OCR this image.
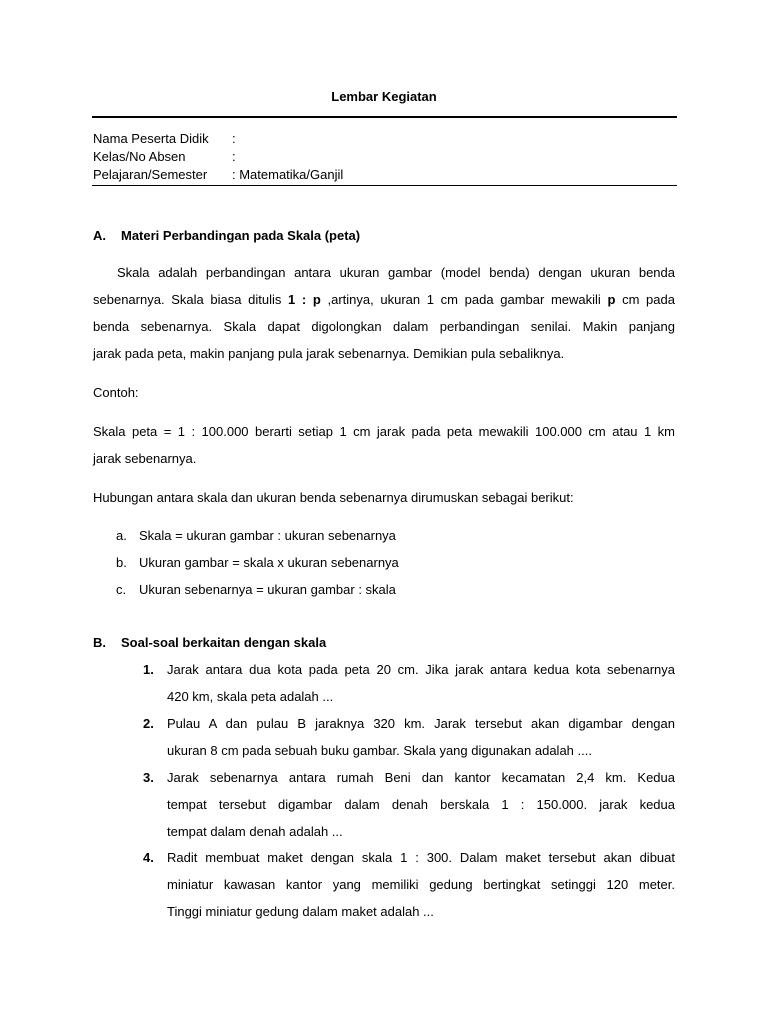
Lembar Kegiatan
Nama Peserta Didik :
Kelas/No Absen	:
Pelajaran/Semester : Matematika/Ganjil
A. Materi Perbandingan pada Skala (peta)
Skala adalah perbandingan antara ukuran gambar (model benda) dengan ukuran benda
sebenarnya. Skala biasa ditulis 1 : p ,artinya, ukuran 1 cm pada gambar mewakili p cm pada
benda sebenarnya. Skala dapat digolongkan dalam perbandingan senilai. Makin panjang
jarak pada peta, makin panjang pula jarak sebenarnya. Demikian pula sebaliknya.
Contoh:
Skala peta = 1 : 100.000 berarti setiap 1 cm jarak pada peta mewakili 100.000 cm atau 1 km
jarak sebenarnya.
Hubungan antara skala dan ukuran benda sebenarnya dirumuskan sebagai berikut:
a. Skala = ukuran gambar : ukuran sebenarnya
b. Ukuran gambar = skala x ukuran sebenarnya
c. Ukuran sebenarnya = ukuran gambar : skala
B. Soal-soal berkaitan dengan skala
1. Jarak antara dua kota pada peta 20 cm. Jika jarak antara kedua kota sebenarnya
420 km, skala peta adalah ...
2. Pulau A dan pulau B jaraknya 320 km. Jarak tersebut akan digambar dengan
ukuran 8 cm pada sebuah buku gambar. Skala yang digunakan adalah ....
3. Jarak sebenarnya antara rumah Beni dan kantor kecamatan 2,4 km. Kedua
tempat tersebut digambar dalam denah berskala 1 : 150.000. jarak kedua
tempat dalam denah adalah ...
4. Radit membuat maket dengan skala 1 : 300. Dalam maket tersebut akan dibuat
miniatur kawasan kantor yang memiliki gedung bertingkat setinggi 120 meter.
Tinggi miniatur gedung dalam maket adalah ...
